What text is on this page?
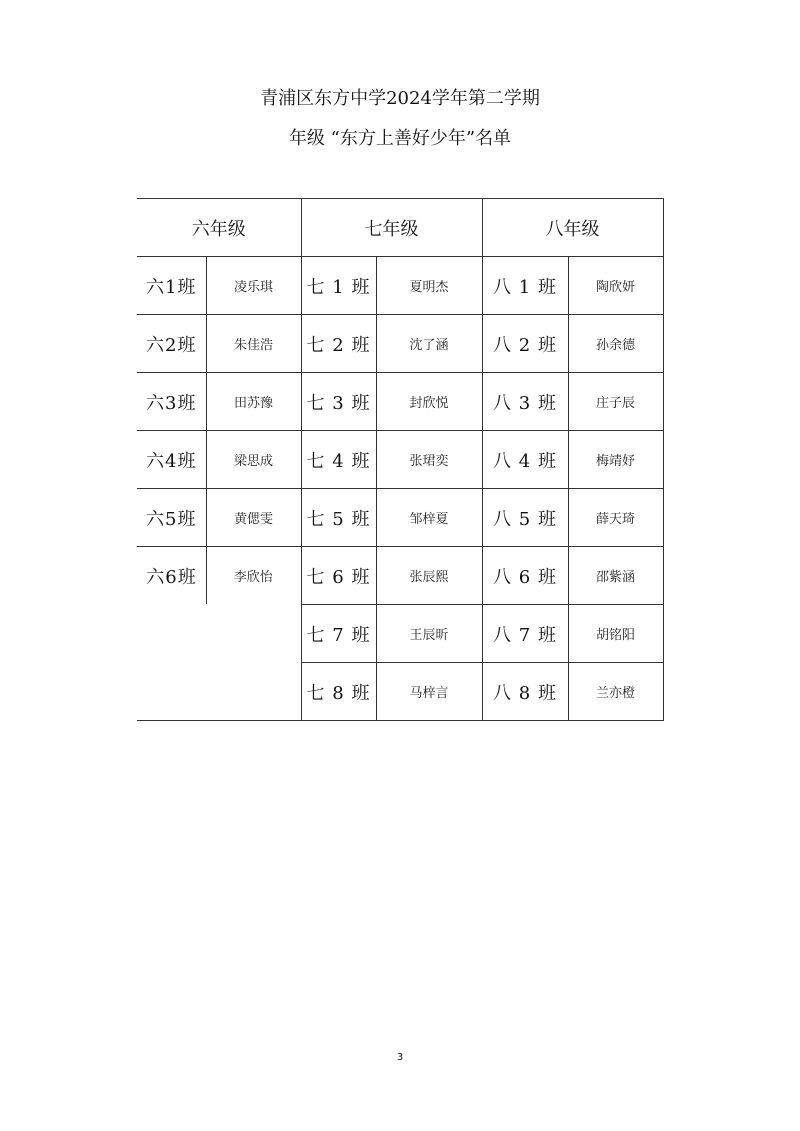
青浦区东方中学2024学年第二学期
年级 “东方上善好少年”名单
六年级		七年级		八年级	
六1班	凌乐琪	七 1 班	夏明杰	八 1 班	陶欣妍
六2班	朱佳浩	七 2 班	沈了涵	八 2 班	孙余德
六3班	田苏豫	七 3 班	封欣悦	八 3 班	庄子辰
六4班	梁思成	七 4 班	张珺奕	八 4 班	梅靖妤
六5班	黄偲雯	七 5 班	邹梓夏	八 5 班	薛天琦
六6班	李欣怡	七 6 班	张辰熙	八 6 班	邵紫涵
		七 7 班	王辰昕	八 7 班	胡铭阳
		七 8 班	马梓言	八 8 班	兰亦橙
3
